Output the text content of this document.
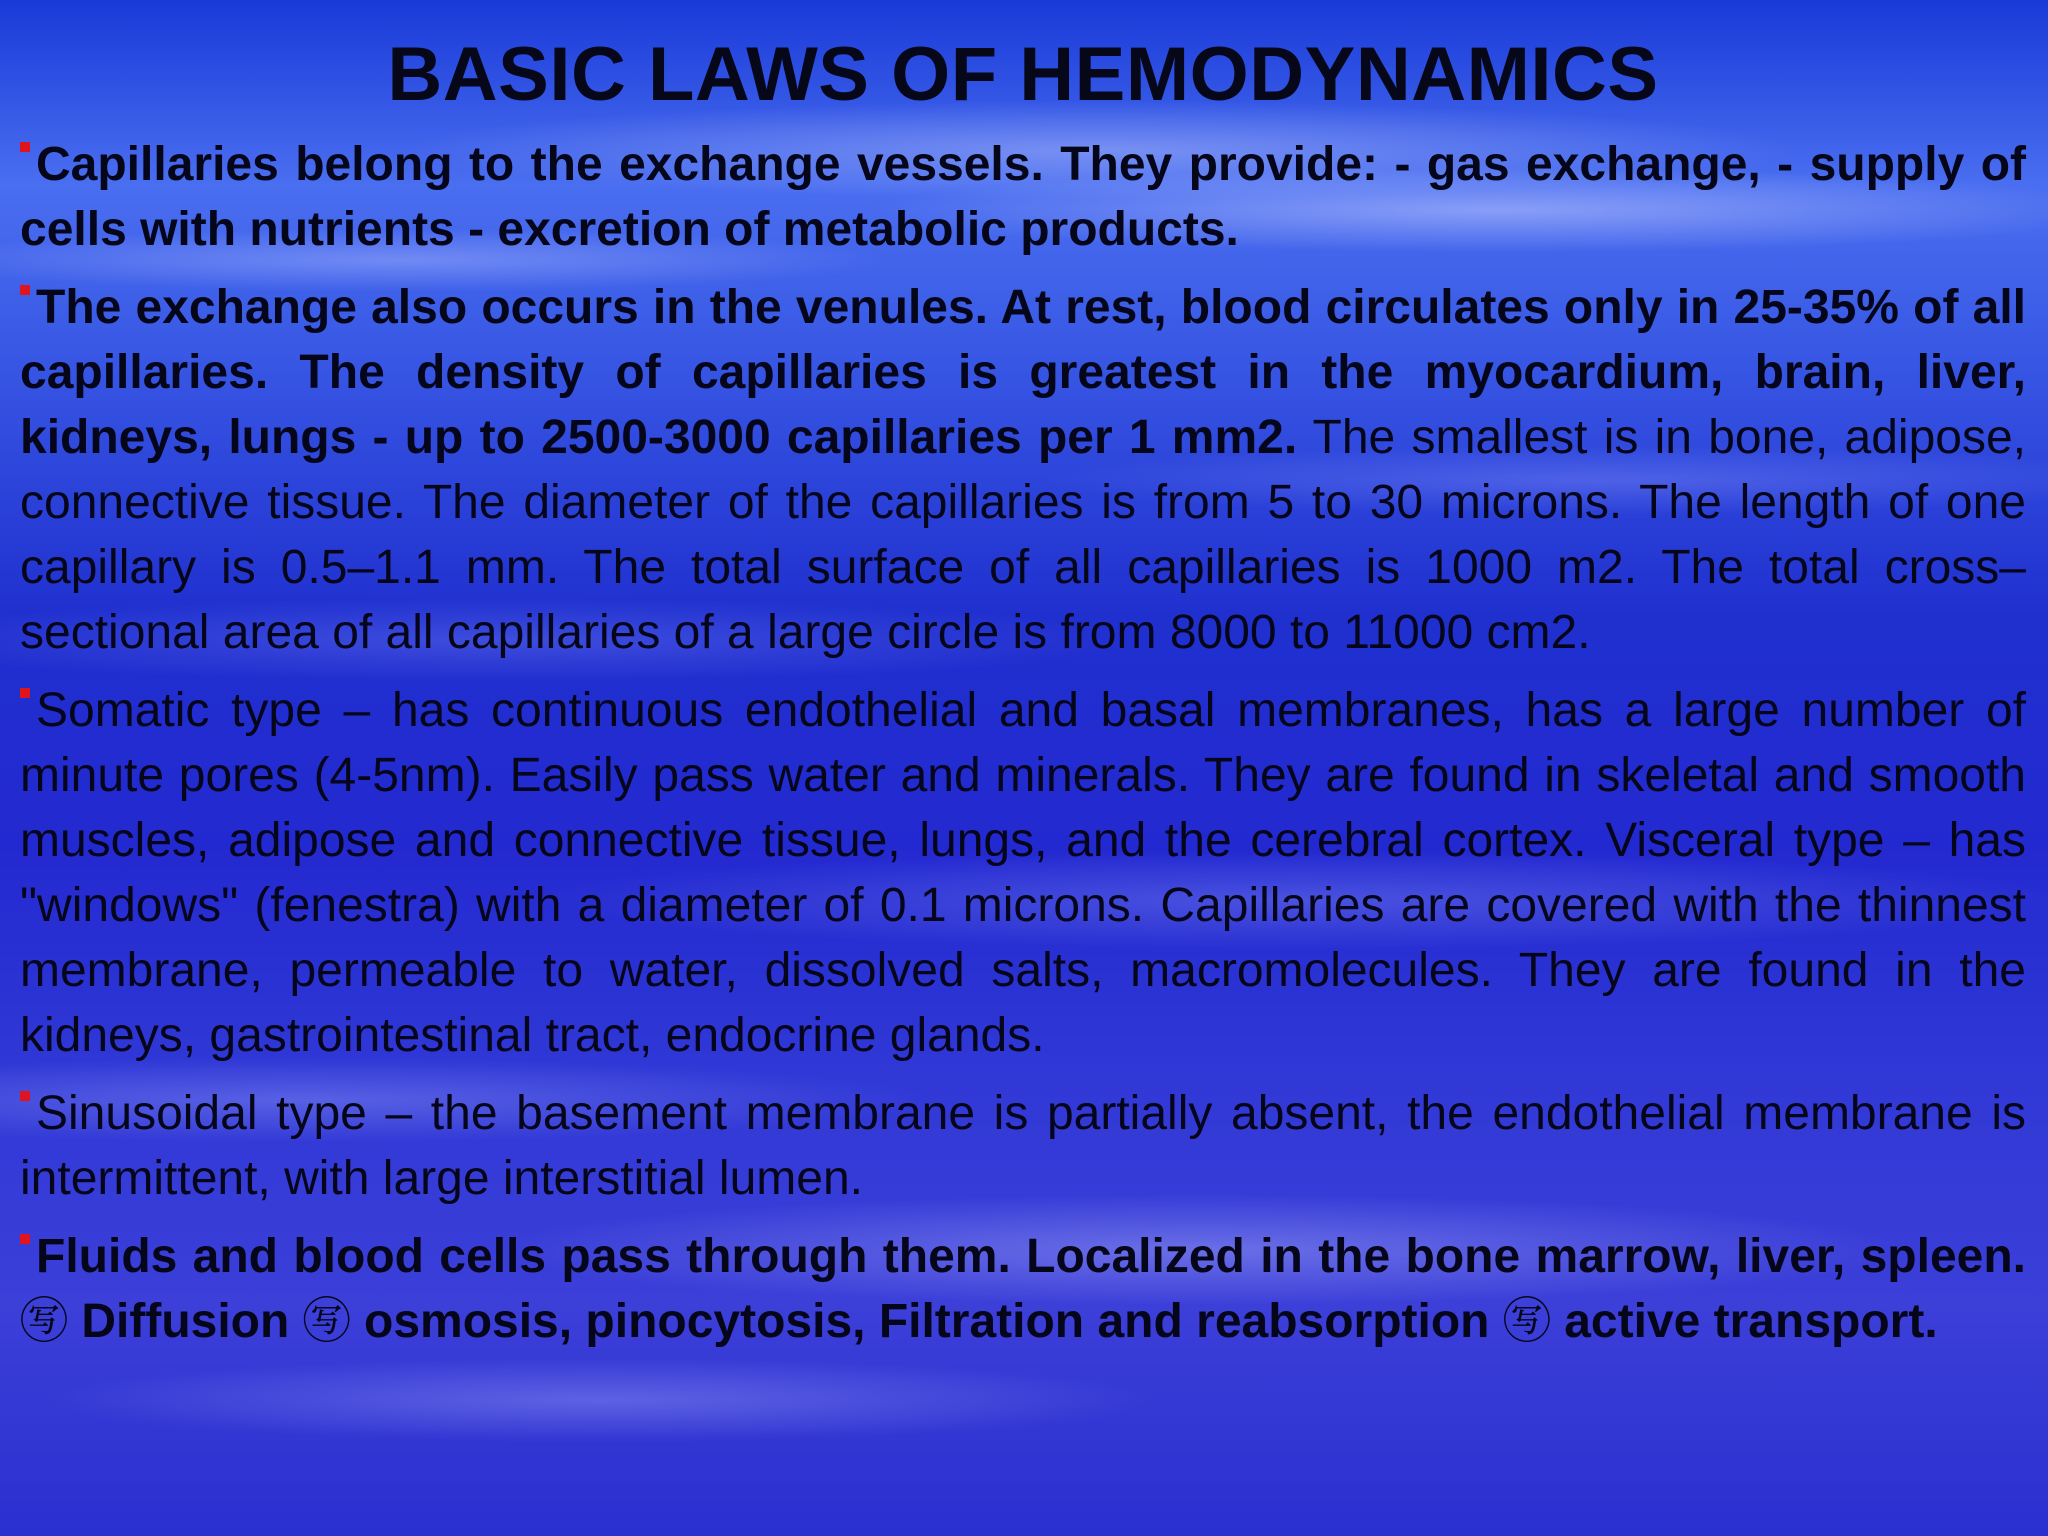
BASIC LAWS OF HEMODYNAMICS

Capillaries belong to the exchange vessels. They provide: - gas exchange, - supply of cells with nutrients - excretion of metabolic products.

The exchange also occurs in the venules. At rest, blood circulates only in 25-35% of all capillaries. The density of capillaries is greatest in the myocardium, brain, liver, kidneys, lungs - up to 2500-3000 capillaries per 1 mm2. The smallest is in bone, adipose, connective tissue. The diameter of the capillaries is from 5 to 30 microns. The length of one capillary is 0.5–1.1 mm. The total surface of all capillaries is 1000 m2. The total cross–sectional area of all capillaries of a large circle is from 8000 to 11000 cm2.

Somatic type – has continuous endothelial and basal membranes, has a large number of minute pores (4-5nm). Easily pass water and minerals. They are found in skeletal and smooth muscles, adipose and connective tissue, lungs, and the cerebral cortex. Visceral type – has "windows" (fenestra) with a diameter of 0.1 microns. Capillaries are covered with the thinnest membrane, permeable to water, dissolved salts, macromolecules. They are found in the kidneys, gastrointestinal tract, endocrine glands.

Sinusoidal type – the basement membrane is partially absent, the endothelial membrane is intermittent, with large interstitial lumen.

Fluids and blood cells pass through them. Localized in the bone marrow, liver, spleen. ㊢ Diffusion ㊢ osmosis, pinocytosis, Filtration and reabsorption ㊢ active transport.
